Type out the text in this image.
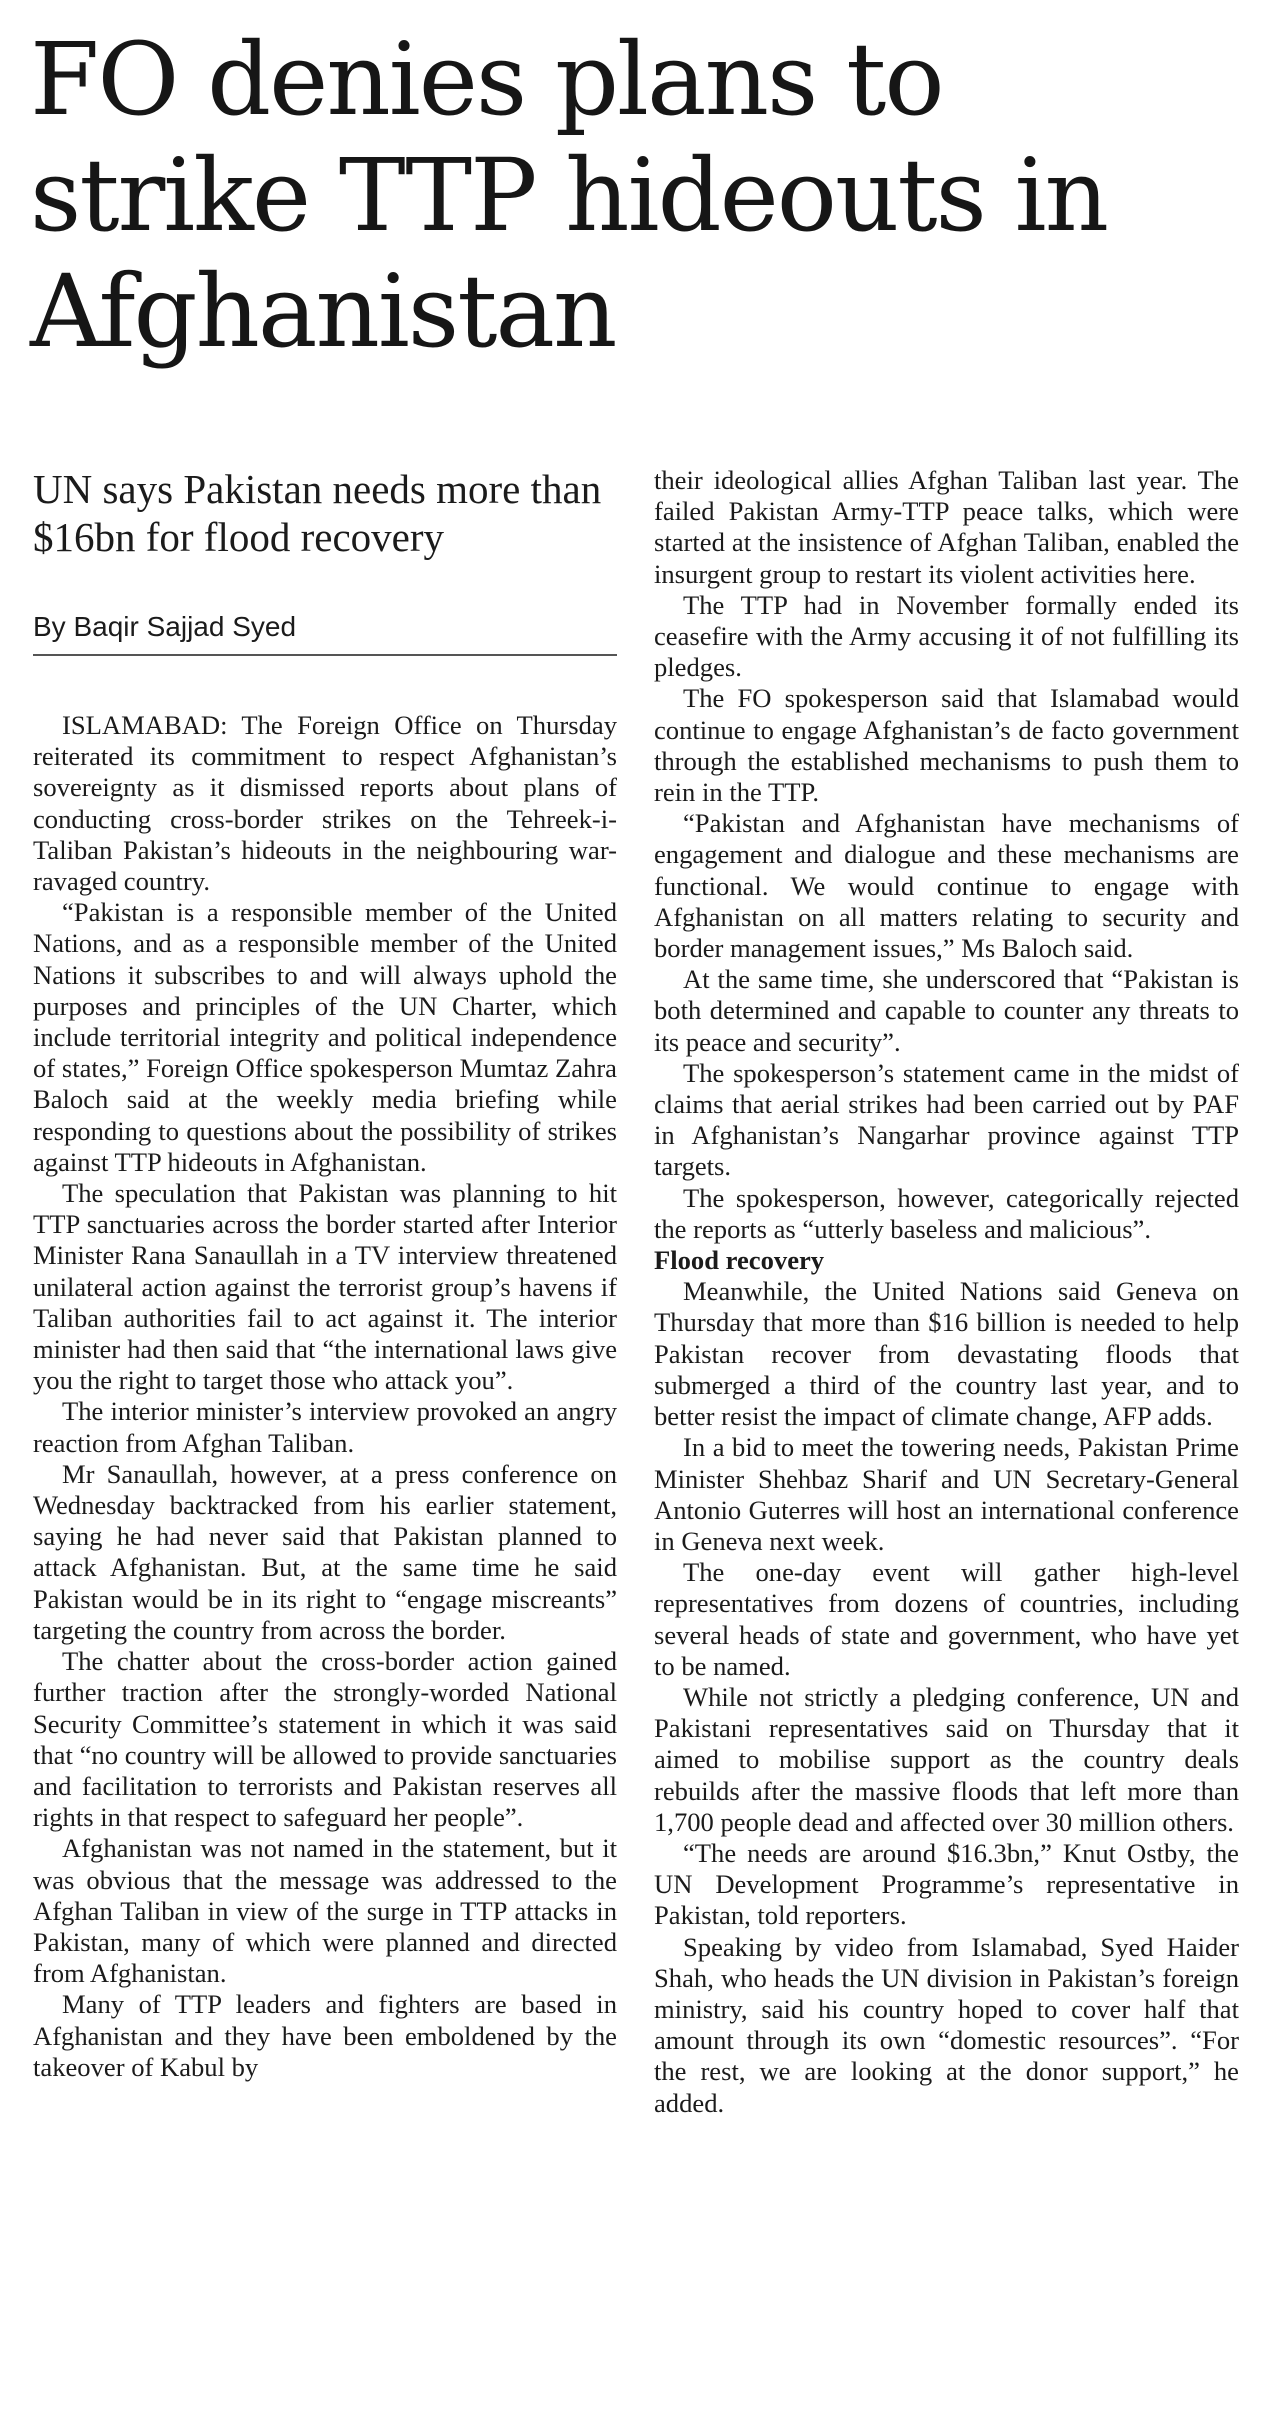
FO denies plans to strike TTP hideouts in Afghanistan
UN says Pakistan needs more than $16bn for flood recovery
By Baqir Sajjad Syed

ISLAMABAD: The Foreign Office on Thursday reiterated its commitment to respect Afghanistan’s sovereignty as it dismissed reports about plans of conducting cross-border strikes on the Tehreek-i-Taliban Pakistan’s hideouts in the neighbouring war-ravaged country.

“Pakistan is a responsible member of the United Nations, and as a responsible member of the United Nations it subscribes to and will always uphold the purposes and principles of the UN Charter, which include territorial integrity and political independence of states,” Foreign Office spokesperson Mumtaz Zahra Baloch said at the weekly media briefing while responding to questions about the possibility of strikes against TTP hideouts in Afghanistan.

The speculation that Pakistan was planning to hit TTP sanctuaries across the border started after Interior Minister Rana Sanaullah in a TV interview threatened unilateral action against the terrorist group’s havens if Taliban authorities fail to act against it. The interior minister had then said that “the international laws give you the right to target those who attack you”.

The interior minister’s interview provoked an angry reaction from Afghan Taliban.

Mr Sanaullah, however, at a press conference on Wednesday backtracked from his earlier statement, saying he had never said that Pakistan planned to attack Afghanistan. But, at the same time he said Pakistan would be in its right to “engage miscreants” targeting the country from across the border.

The chatter about the cross-border action gained further traction after the strongly-worded National Security Committee’s statement in which it was said that “no country will be allowed to provide sanctuaries and facilitation to terrorists and Pakistan reserves all rights in that respect to safeguard her people”.

Afghanistan was not named in the statement, but it was obvious that the message was addressed to the Afghan Taliban in view of the surge in TTP attacks in Pakistan, many of which were planned and directed from Afghanistan.

Many of TTP leaders and fighters are based in Afghanistan and they have been emboldened by the takeover of Kabul by

their ideological allies Afghan Taliban last year. The failed Pakistan Army-TTP peace talks, which were started at the insistence of Afghan Taliban, enabled the insurgent group to restart its violent activities here.

The TTP had in November formally ended its ceasefire with the Army accusing it of not fulfilling its pledges.

The FO spokesperson said that Islamabad would continue to engage Afghanistan’s de facto government through the established mechanisms to push them to rein in the TTP.

“Pakistan and Afghanistan have mechanisms of engagement and dialogue and these mechanisms are functional. We would continue to engage with Afghanistan on all matters relating to security and border management issues,” Ms Baloch said.

At the same time, she underscored that “Pakistan is both determined and capable to counter any threats to its peace and security”.

The spokesperson’s statement came in the midst of claims that aerial strikes had been carried out by PAF in Afghanistan’s Nangarhar province against TTP targets.

The spokesperson, however, categorically rejected the reports as “utterly baseless and malicious”.

Flood recovery

Meanwhile, the United Nations said Geneva on Thursday that more than $16 billion is needed to help Pakistan recover from devastating floods that submerged a third of the country last year, and to better resist the impact of climate change, AFP adds.

In a bid to meet the towering needs, Pakistan Prime Minister Shehbaz Sharif and UN Secretary-General Antonio Guterres will host an international conference in Geneva next week.

The one-day event will gather high-level representatives from dozens of countries, including several heads of state and government, who have yet to be named.

While not strictly a pledging conference, UN and Pakistani representatives said on Thursday that it aimed to mobilise support as the country deals rebuilds after the massive floods that left more than 1,700 people dead and affected over 30 million others.

“The needs are around $16.3bn,” Knut Ostby, the UN Development Programme’s representative in Pakistan, told reporters.

Speaking by video from Islamabad, Syed Haider Shah, who heads the UN division in Pakistan’s foreign ministry, said his country hoped to cover half that amount through its own “domestic resources”. “For the rest, we are looking at the donor support,” he added.
